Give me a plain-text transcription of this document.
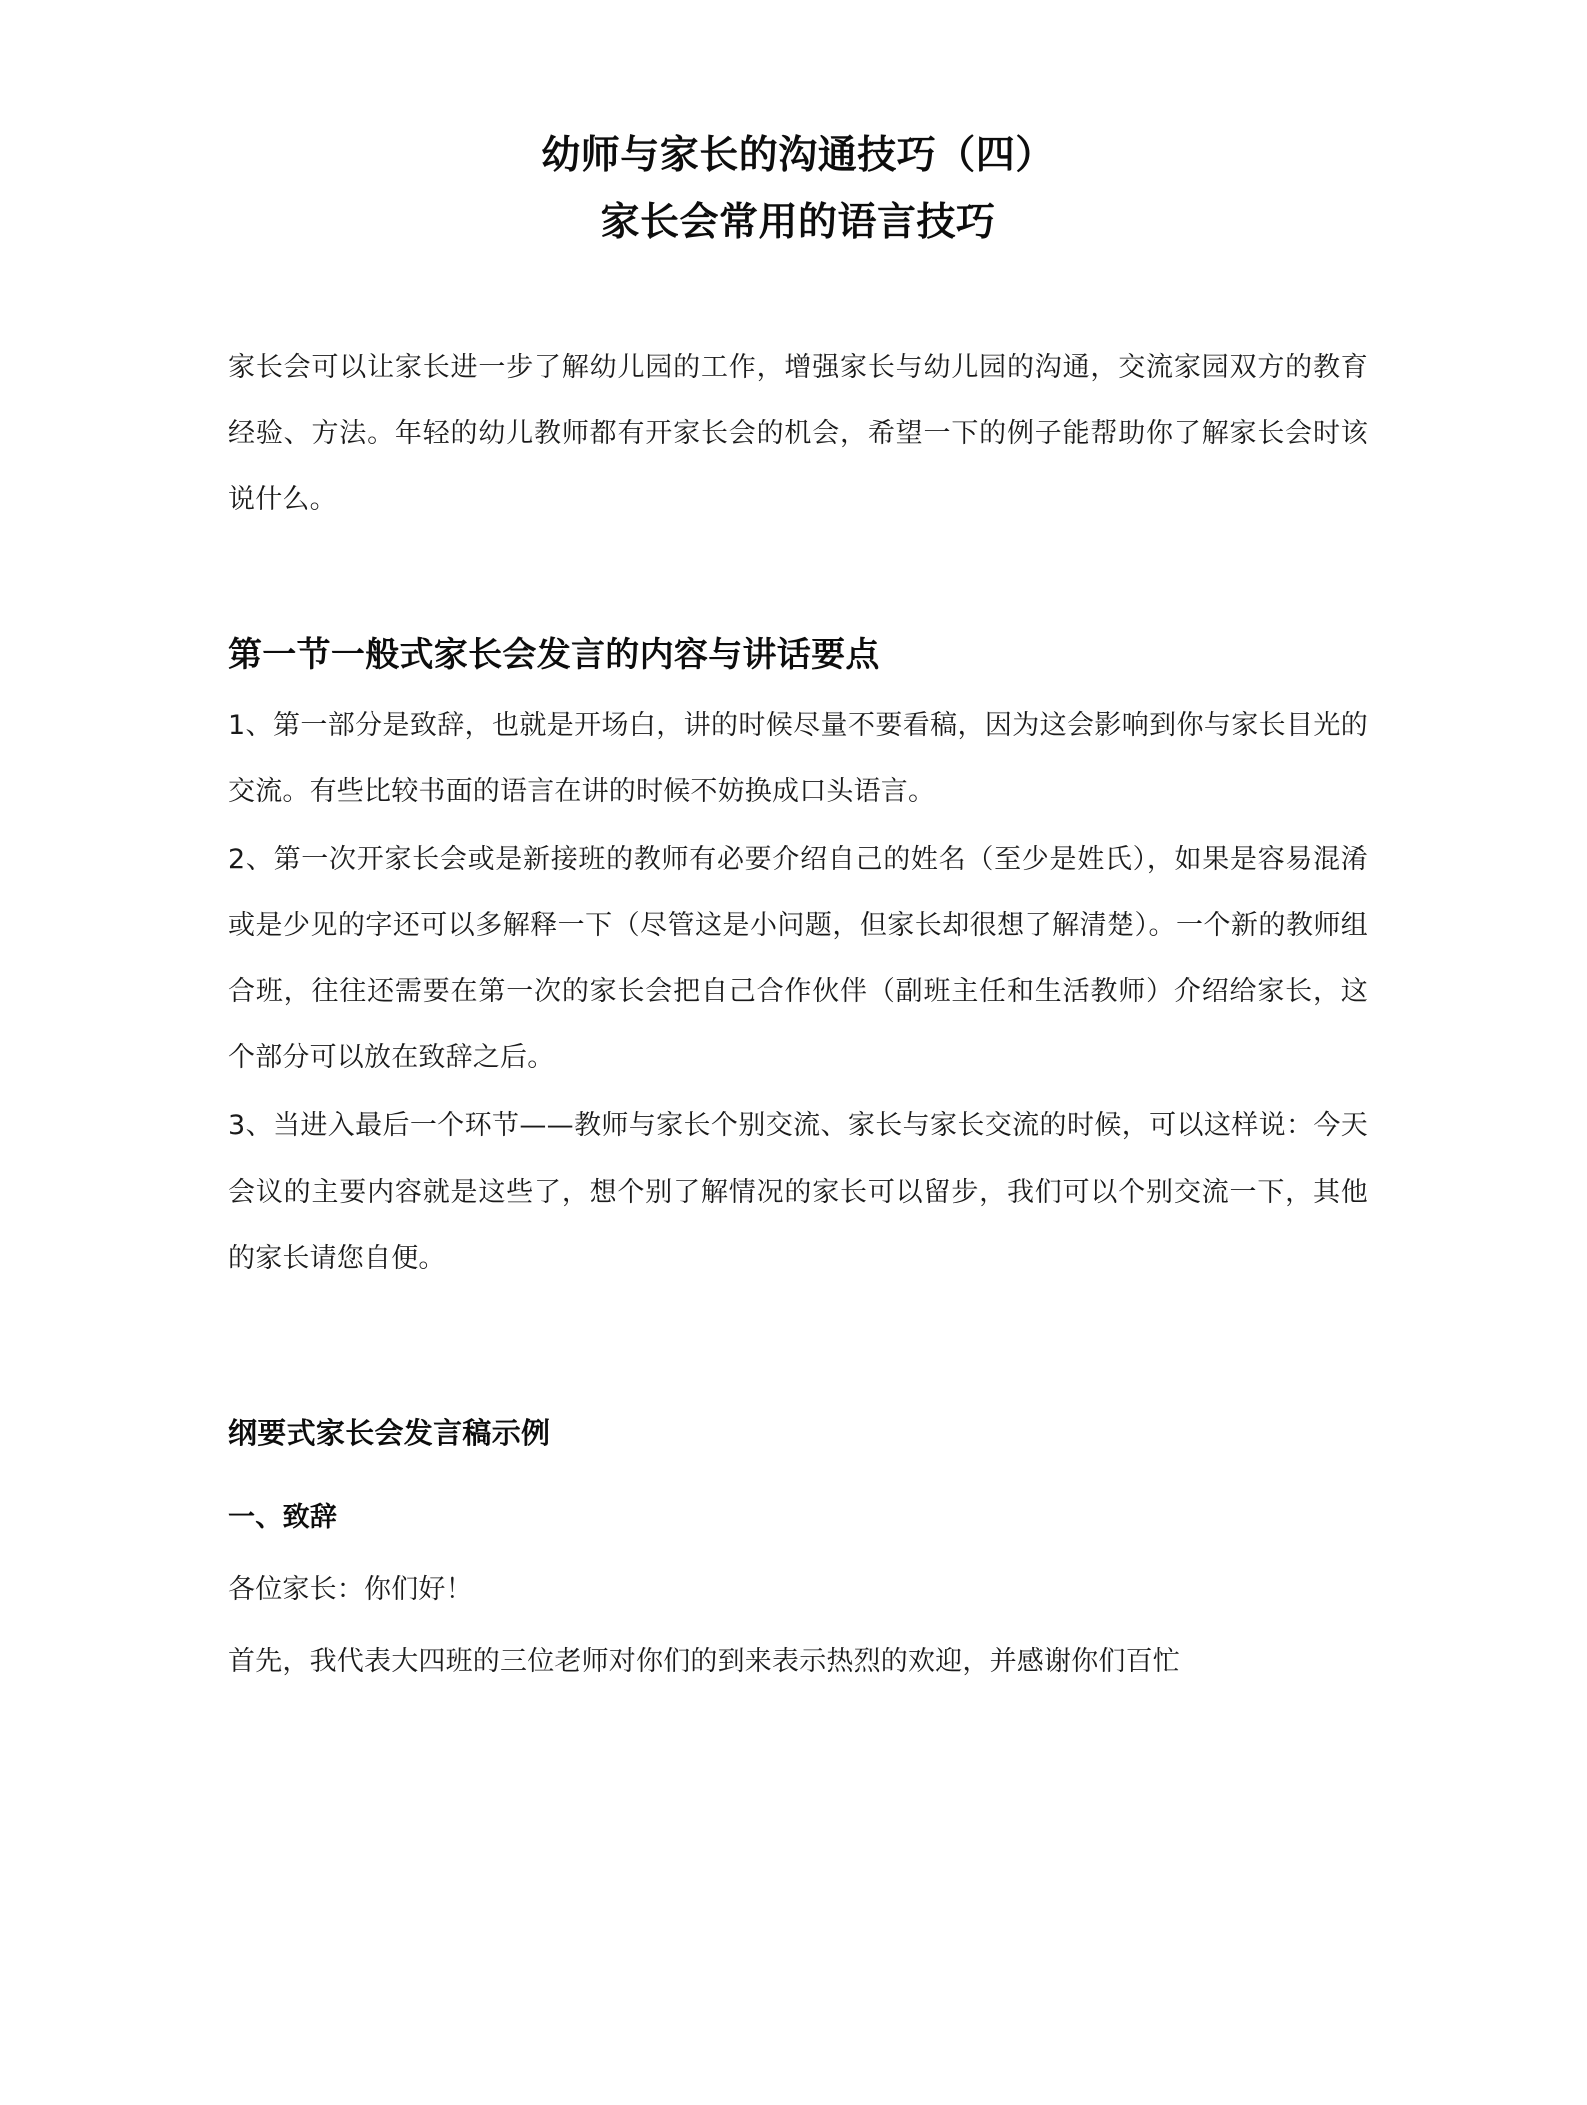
幼师与家长的沟通技巧（四）
家长会常用的语言技巧

家长会可以让家长进一步了解幼儿园的工作，增强家长与幼儿园的沟通，交流家园双方的教育经验、方法。年轻的幼儿教师都有开家长会的机会，希望一下的例子能帮助你了解家长会时该说什么。

第一节一般式家长会发言的内容与讲话要点

1、第一部分是致辞，也就是开场白，讲的时候尽量不要看稿，因为这会影响到你与家长目光的交流。有些比较书面的语言在讲的时候不妨换成口头语言。

2、第一次开家长会或是新接班的教师有必要介绍自己的姓名（至少是姓氏），如果是容易混淆或是少见的字还可以多解释一下（尽管这是小问题，但家长却很想了解清楚）。一个新的教师组合班，往往还需要在第一次的家长会把自己合作伙伴（副班主任和生活教师）介绍给家长，这个部分可以放在致辞之后。

3、当进入最后一个环节——教师与家长个别交流、家长与家长交流的时候，可以这样说：今天会议的主要内容就是这些了，想个别了解情况的家长可以留步，我们可以个别交流一下，其他的家长请您自便。

纲要式家长会发言稿示例
一、致辞

各位家长：你们好！

首先，我代表大四班的三位老师对你们的到来表示热烈的欢迎，并感谢你们百忙
